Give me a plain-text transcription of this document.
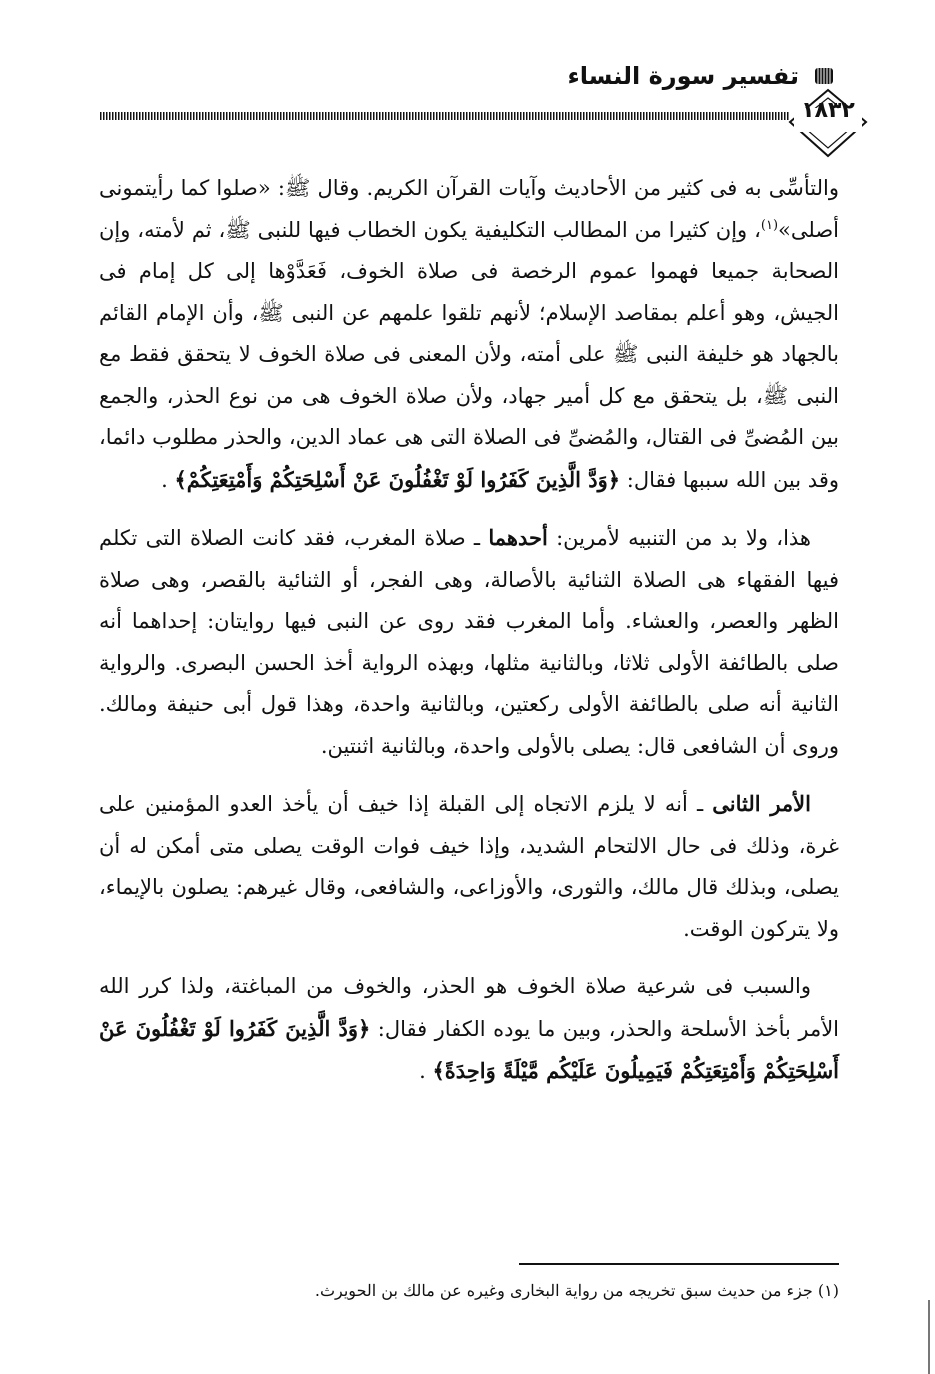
تفسير سورة النساء
١٨٣٢

والتأسِّى به فى كثير من الأحاديث وآيات القرآن الكريم. وقال ﷺ: «صلوا كما رأيتمونى أصلى»$^{(١)}$، وإن كثيرا من المطالب التكليفية يكون الخطاب فيها للنبى ﷺ، ثم لأمته، وإن الصحابة جميعا فهموا عموم الرخصة فى صلاة الخوف، فَعَدَّوْها إلى كل إمام فى الجيش، وهو أعلم بمقاصد الإسلام؛ لأنهم تلقوا علمهم عن النبى ﷺ، وأن الإمام القائم بالجهاد هو خليفة النبى ﷺ على أمته، ولأن المعنى فى صلاة الخوف لا يتحقق فقط مع النبى ﷺ، بل يتحقق مع كل أمير جهاد، ولأن صلاة الخوف هى من نوع الحذر، والجمع بين المُضىِّ فى القتال، والمُضىِّ فى الصلاة التى هى عماد الدين، والحذر مطلوب دائما، وقد بين الله سببها فقال: ﴿وَدَّ الَّذِينَ كَفَرُوا لَوْ تَغْفُلُونَ عَنْ أَسْلِحَتِكُمْ وَأَمْتِعَتِكُمْ﴾ .

هذا، ولا بد من التنبيه لأمرين: أحدهما ـ صلاة المغرب، فقد كانت الصلاة التى تكلم فيها الفقهاء هى الصلاة الثنائية بالأصالة، وهى الفجر، أو الثنائية بالقصر، وهى صلاة الظهر والعصر، والعشاء. وأما المغرب فقد روى عن النبى فيها روايتان: إحداهما أنه صلى بالطائفة الأولى ثلاثا، وبالثانية مثلها، وبهذه الرواية أخذ الحسن البصرى. والرواية الثانية أنه صلى بالطائفة الأولى ركعتين، وبالثانية واحدة، وهذا قول أبى حنيفة ومالك. وروى أن الشافعى قال: يصلى بالأولى واحدة، وبالثانية اثنتين.

الأمر الثانى ـ أنه لا يلزم الاتجاه إلى القبلة إذا خيف أن يأخذ العدو المؤمنين على غرة، وذلك فى حال الالتحام الشديد، وإذا خيف فوات الوقت يصلى متى أمكن له أن يصلى، وبذلك قال مالك، والثورى، والأوزاعى، والشافعى، وقال غيرهم: يصلون بالإيماء، ولا يتركون الوقت.

والسبب فى شرعية صلاة الخوف هو الحذر، والخوف من المباغتة، ولذا كرر الله الأمر بأخذ الأسلحة والحذر، وبين ما يوده الكفار فقال: ﴿وَدَّ الَّذِينَ كَفَرُوا لَوْ تَغْفُلُونَ عَنْ أَسْلِحَتِكُمْ وَأَمْتِعَتِكُمْ فَيَمِيلُونَ عَلَيْكُم مَّيْلَةً وَاحِدَةً﴾ .

(١) جزء من حديث سبق تخريجه من رواية البخارى وغيره عن مالك بن الحويرث.
